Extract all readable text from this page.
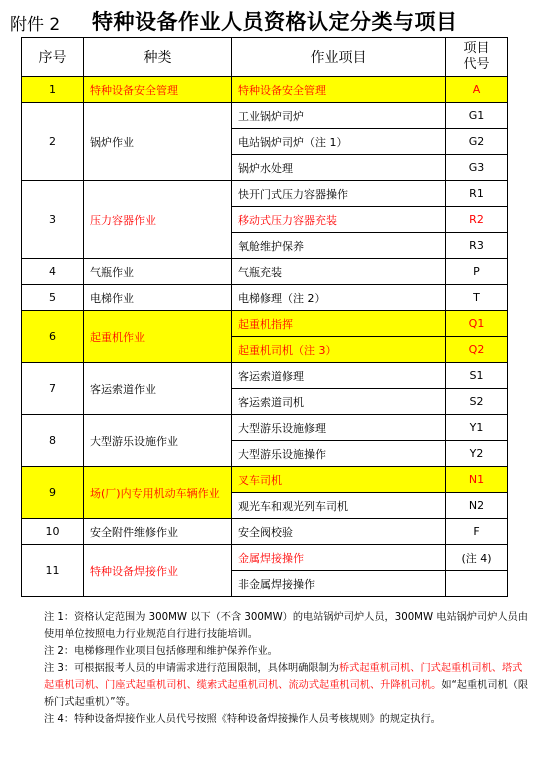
附件 2 特种设备作业人员资格认定分类与项目
序号	种类	作业项目	项目
代号
1	特种设备安全管理	特种设备安全管理	A
2	锅炉作业	工业锅炉司炉	G1
		电站锅炉司炉（注 1）	G2
		锅炉水处理	G3
3	压力容器作业	快开门式压力容器操作	R1
		移动式压力容器充装	R2
		氧舱维护保养	R3
4	气瓶作业	气瓶充装	P
5	电梯作业	电梯修理（注 2）	T
6	起重机作业	起重机指挥	Q1
		起重机司机（注 3）	Q2
7	客运索道作业	客运索道修理	S1
		客运索道司机	S2
8	大型游乐设施作业	大型游乐设施修理	Y1
		大型游乐设施操作	Y2
9	场(厂)内专用机动车辆作业	叉车司机	N1
		观光车和观光列车司机	N2
10	安全附件维修作业	安全阀校验	F
11	特种设备焊接作业	金属焊接操作	(注 4)
		非金属焊接操作	

注 1：资格认定范围为 300MW 以下（不含 300MW）的电站锅炉司炉人员，300MW 电站锅炉司炉人员由使用单位按照电力行业规范自行进行技能培训。

注 2：电梯修理作业项目包括修理和维护保养作业。

注 3：可根据报考人员的申请需求进行范围限制，具体明确限制为桥式起重机司机、门式起重机司机、塔式起重机司机、门座式起重机司机、缆索式起重机司机、流动式起重机司机、升降机司机。如“起重机司机（限桥门式起重机）”等。

注 4：特种设备焊接作业人员代号按照《特种设备焊接操作人员考核规则》的规定执行。
